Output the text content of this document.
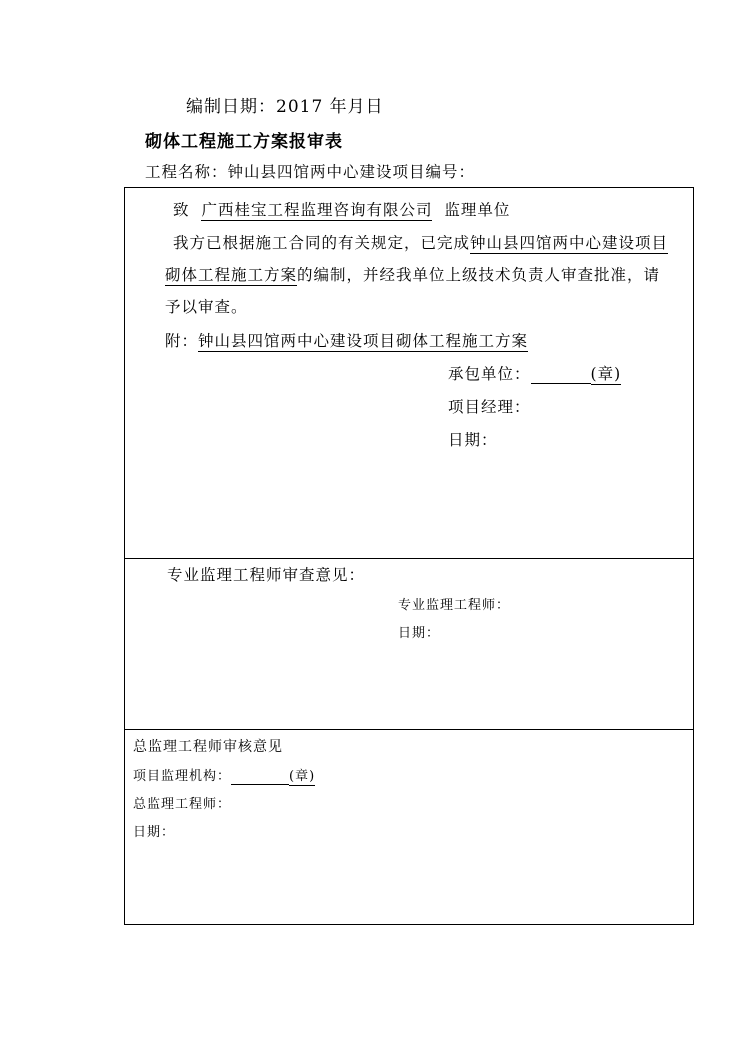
编制日期：2017 年月日
砌体工程施工方案报审表
工程名称：钟山县四馆两中心建设项目编号：
致 广西桂宝工程监理咨询有限公司 监理单位
我方已根据施工合同的有关规定，已完成钟山县四馆两中心建设项目
砌体工程施工方案的编制，并经我单位上级技术负责人审查批准，请
予以审查。
附：钟山县四馆两中心建设项目砌体工程施工方案
承包单位：	(章)
项目经理：
日期：
专业监理工程师审查意见：
专业监理工程师：
日期：
总监理工程师审核意见
项目监理机构：	(章)
总监理工程师：
日期：
